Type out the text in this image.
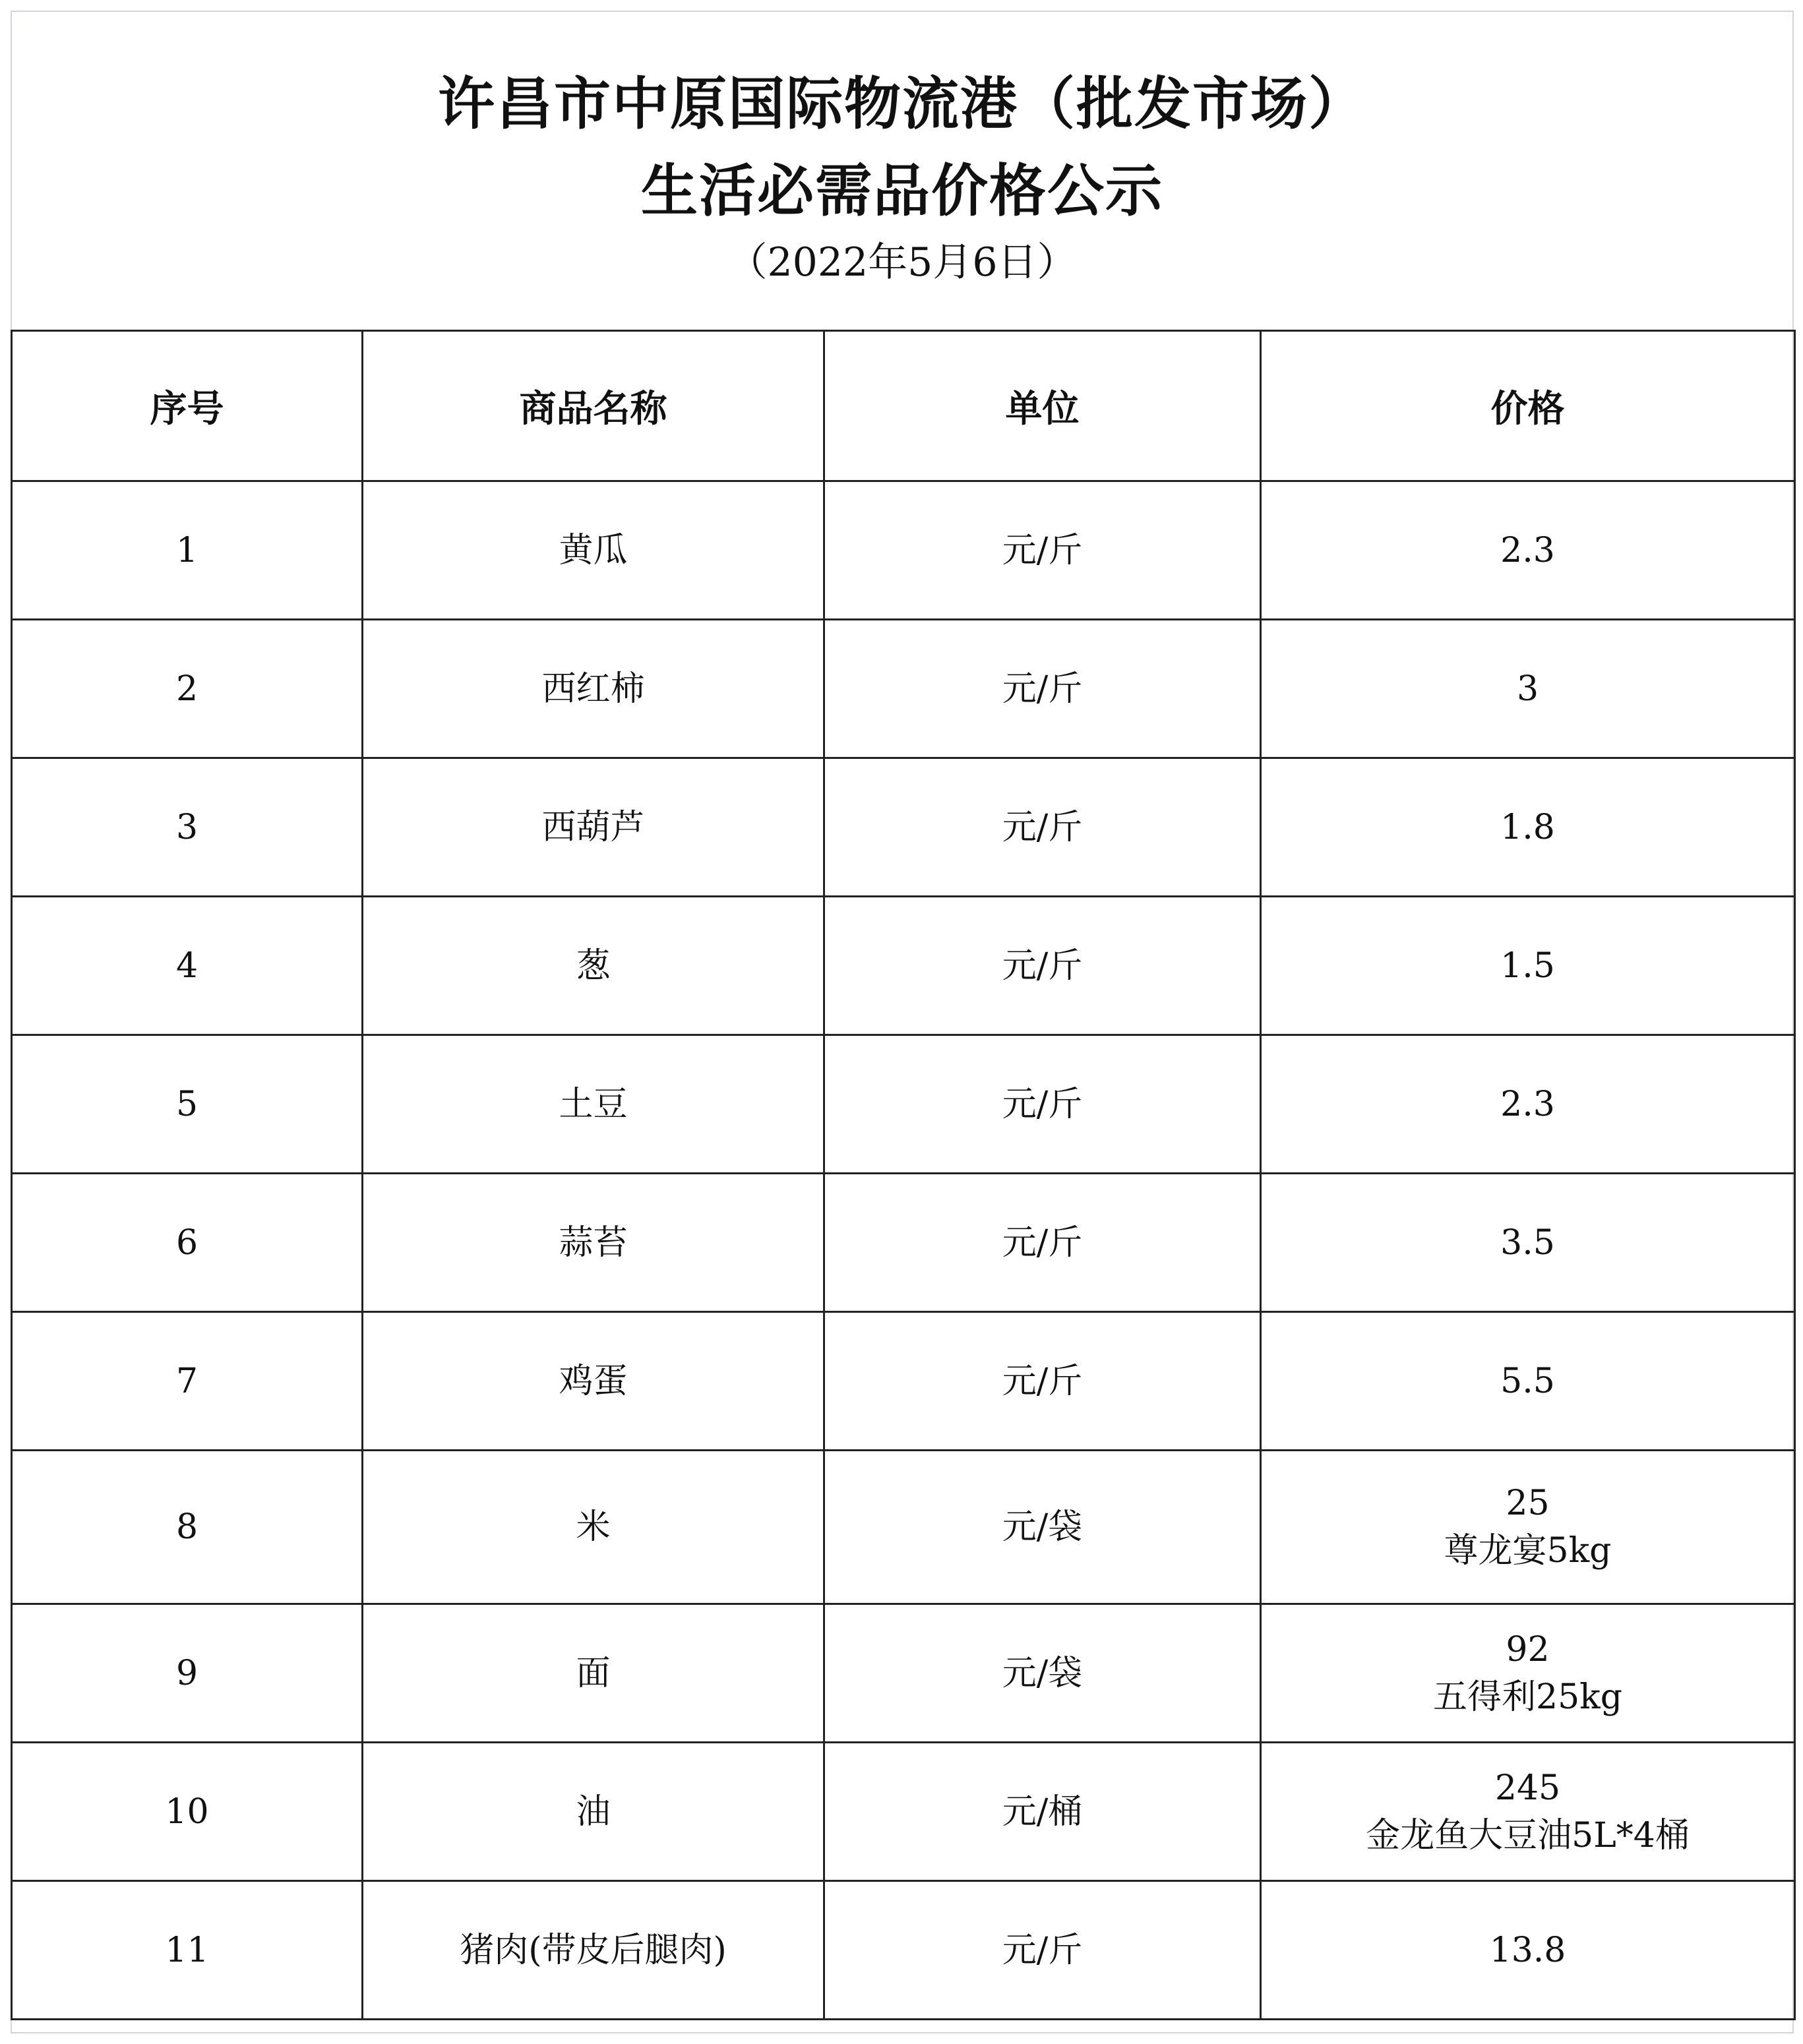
许昌市中原国际物流港（批发市场）
生活必需品价格公示
（2022年5月6日）
序号	商品名称	单位	价格
1	黄瓜	元/斤	2.3

2	西红柿	元/斤	3

3	西葫芦	元/斤	1.8

4	葱	元/斤	1.5

5	土豆	元/斤	2.3

6	蒜苔	元/斤	3.5

7	鸡蛋	元/斤	5.5

8	米	元/袋	25
尊龙宴5kg

9	面	元/袋	92
五得利25kg

10	油	元/桶	245
金龙鱼大豆油5L*4桶

11	猪肉(带皮后腿肉)	元/斤	13.8
